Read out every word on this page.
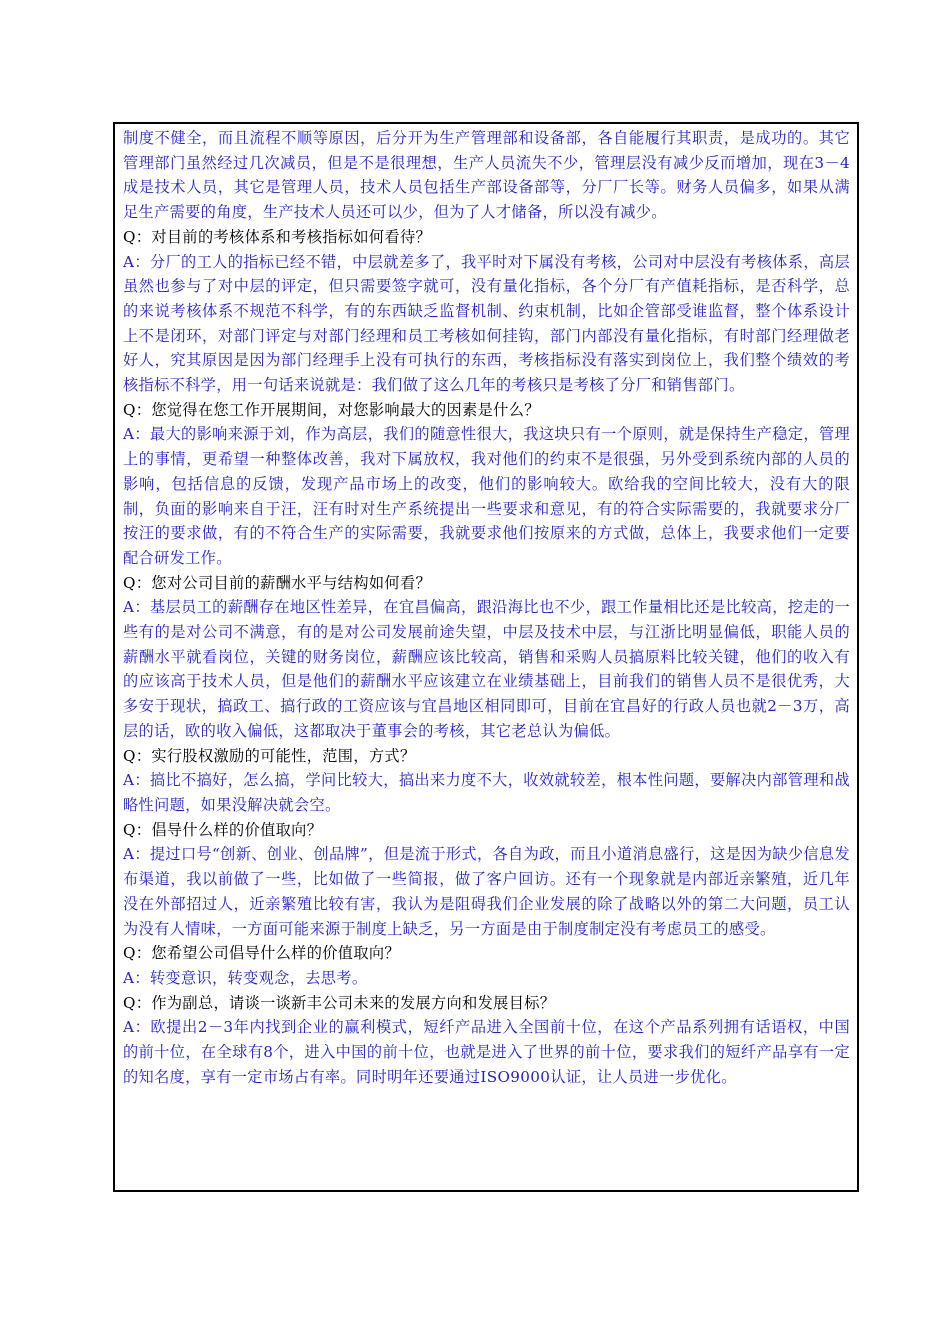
制度不健全，而且流程不顺等原因，后分开为生产管理部和设备部，各自能履行其职责，是成功的。其它管理部门虽然经过几次减员，但是不是很理想，生产人员流失不少，管理层没有减少反而增加，现在3－4成是技术人员，其它是管理人员，技术人员包括生产部设备部等，分厂厂长等。财务人员偏多，如果从满足生产需要的角度，生产技术人员还可以少，但为了人才储备，所以没有减少。

Q：对目前的考核体系和考核指标如何看待？

A：分厂的工人的指标已经不错，中层就差多了，我平时对下属没有考核，公司对中层没有考核体系，高层虽然也参与了对中层的评定，但只需要签字就可，没有量化指标，各个分厂有产值耗指标，是否科学，总的来说考核体系不规范不科学，有的东西缺乏监督机制、约束机制，比如企管部受谁监督，整个体系设计上不是闭环，对部门评定与对部门经理和员工考核如何挂钩，部门内部没有量化指标，有时部门经理做老好人，究其原因是因为部门经理手上没有可执行的东西，考核指标没有落实到岗位上，我们整个绩效的考核指标不科学，用一句话来说就是：我们做了这么几年的考核只是考核了分厂和销售部门。

Q：您觉得在您工作开展期间，对您影响最大的因素是什么？

A：最大的影响来源于刘，作为高层，我们的随意性很大，我这块只有一个原则，就是保持生产稳定，管理上的事情，更希望一种整体改善，我对下属放权，我对他们的约束不是很强，另外受到系统内部的人员的影响，包括信息的反馈，发现产品市场上的改变，他们的影响较大。欧给我的空间比较大，没有大的限制，负面的影响来自于汪，汪有时对生产系统提出一些要求和意见，有的符合实际需要的，我就要求分厂按汪的要求做，有的不符合生产的实际需要，我就要求他们按原来的方式做，总体上，我要求他们一定要配合研发工作。

Q：您对公司目前的薪酬水平与结构如何看？

A：基层员工的薪酬存在地区性差异，在宜昌偏高，跟沿海比也不少，跟工作量相比还是比较高，挖走的一些有的是对公司不满意，有的是对公司发展前途失望，中层及技术中层，与江浙比明显偏低，职能人员的薪酬水平就看岗位，关键的财务岗位，薪酬应该比较高，销售和采购人员搞原料比较关键，他们的收入有的应该高于技术人员，但是他们的薪酬水平应该建立在业绩基础上，目前我们的销售人员不是很优秀，大多安于现状，搞政工、搞行政的工资应该与宜昌地区相同即可，目前在宜昌好的行政人员也就2－3万，高层的话，欧的收入偏低，这都取决于董事会的考核，其它老总认为偏低。

Q：实行股权激励的可能性，范围，方式？

A：搞比不搞好，怎么搞，学问比较大，搞出来力度不大，收效就较差，根本性问题，要解决内部管理和战略性问题，如果没解决就会空。

Q：倡导什么样的价值取向？

A：提过口号“创新、创业、创品牌”，但是流于形式，各自为政，而且小道消息盛行，这是因为缺少信息发布渠道，我以前做了一些，比如做了一些简报，做了客户回访。还有一个现象就是内部近亲繁殖，近几年没在外部招过人，近亲繁殖比较有害，我认为是阻碍我们企业发展的除了战略以外的第二大问题，员工认为没有人情味，一方面可能来源于制度上缺乏，另一方面是由于制度制定没有考虑员工的感受。

Q：您希望公司倡导什么样的价值取向？

A：转变意识，转变观念，去思考。

Q：作为副总，请谈一谈新丰公司未来的发展方向和发展目标？

A：欧提出2－3年内找到企业的赢利模式，短纤产品进入全国前十位，在这个产品系列拥有话语权，中国的前十位，在全球有8个，进入中国的前十位，也就是进入了世界的前十位，要求我们的短纤产品享有一定的知名度，享有一定市场占有率。同时明年还要通过ISO9000认证，让人员进一步优化。
